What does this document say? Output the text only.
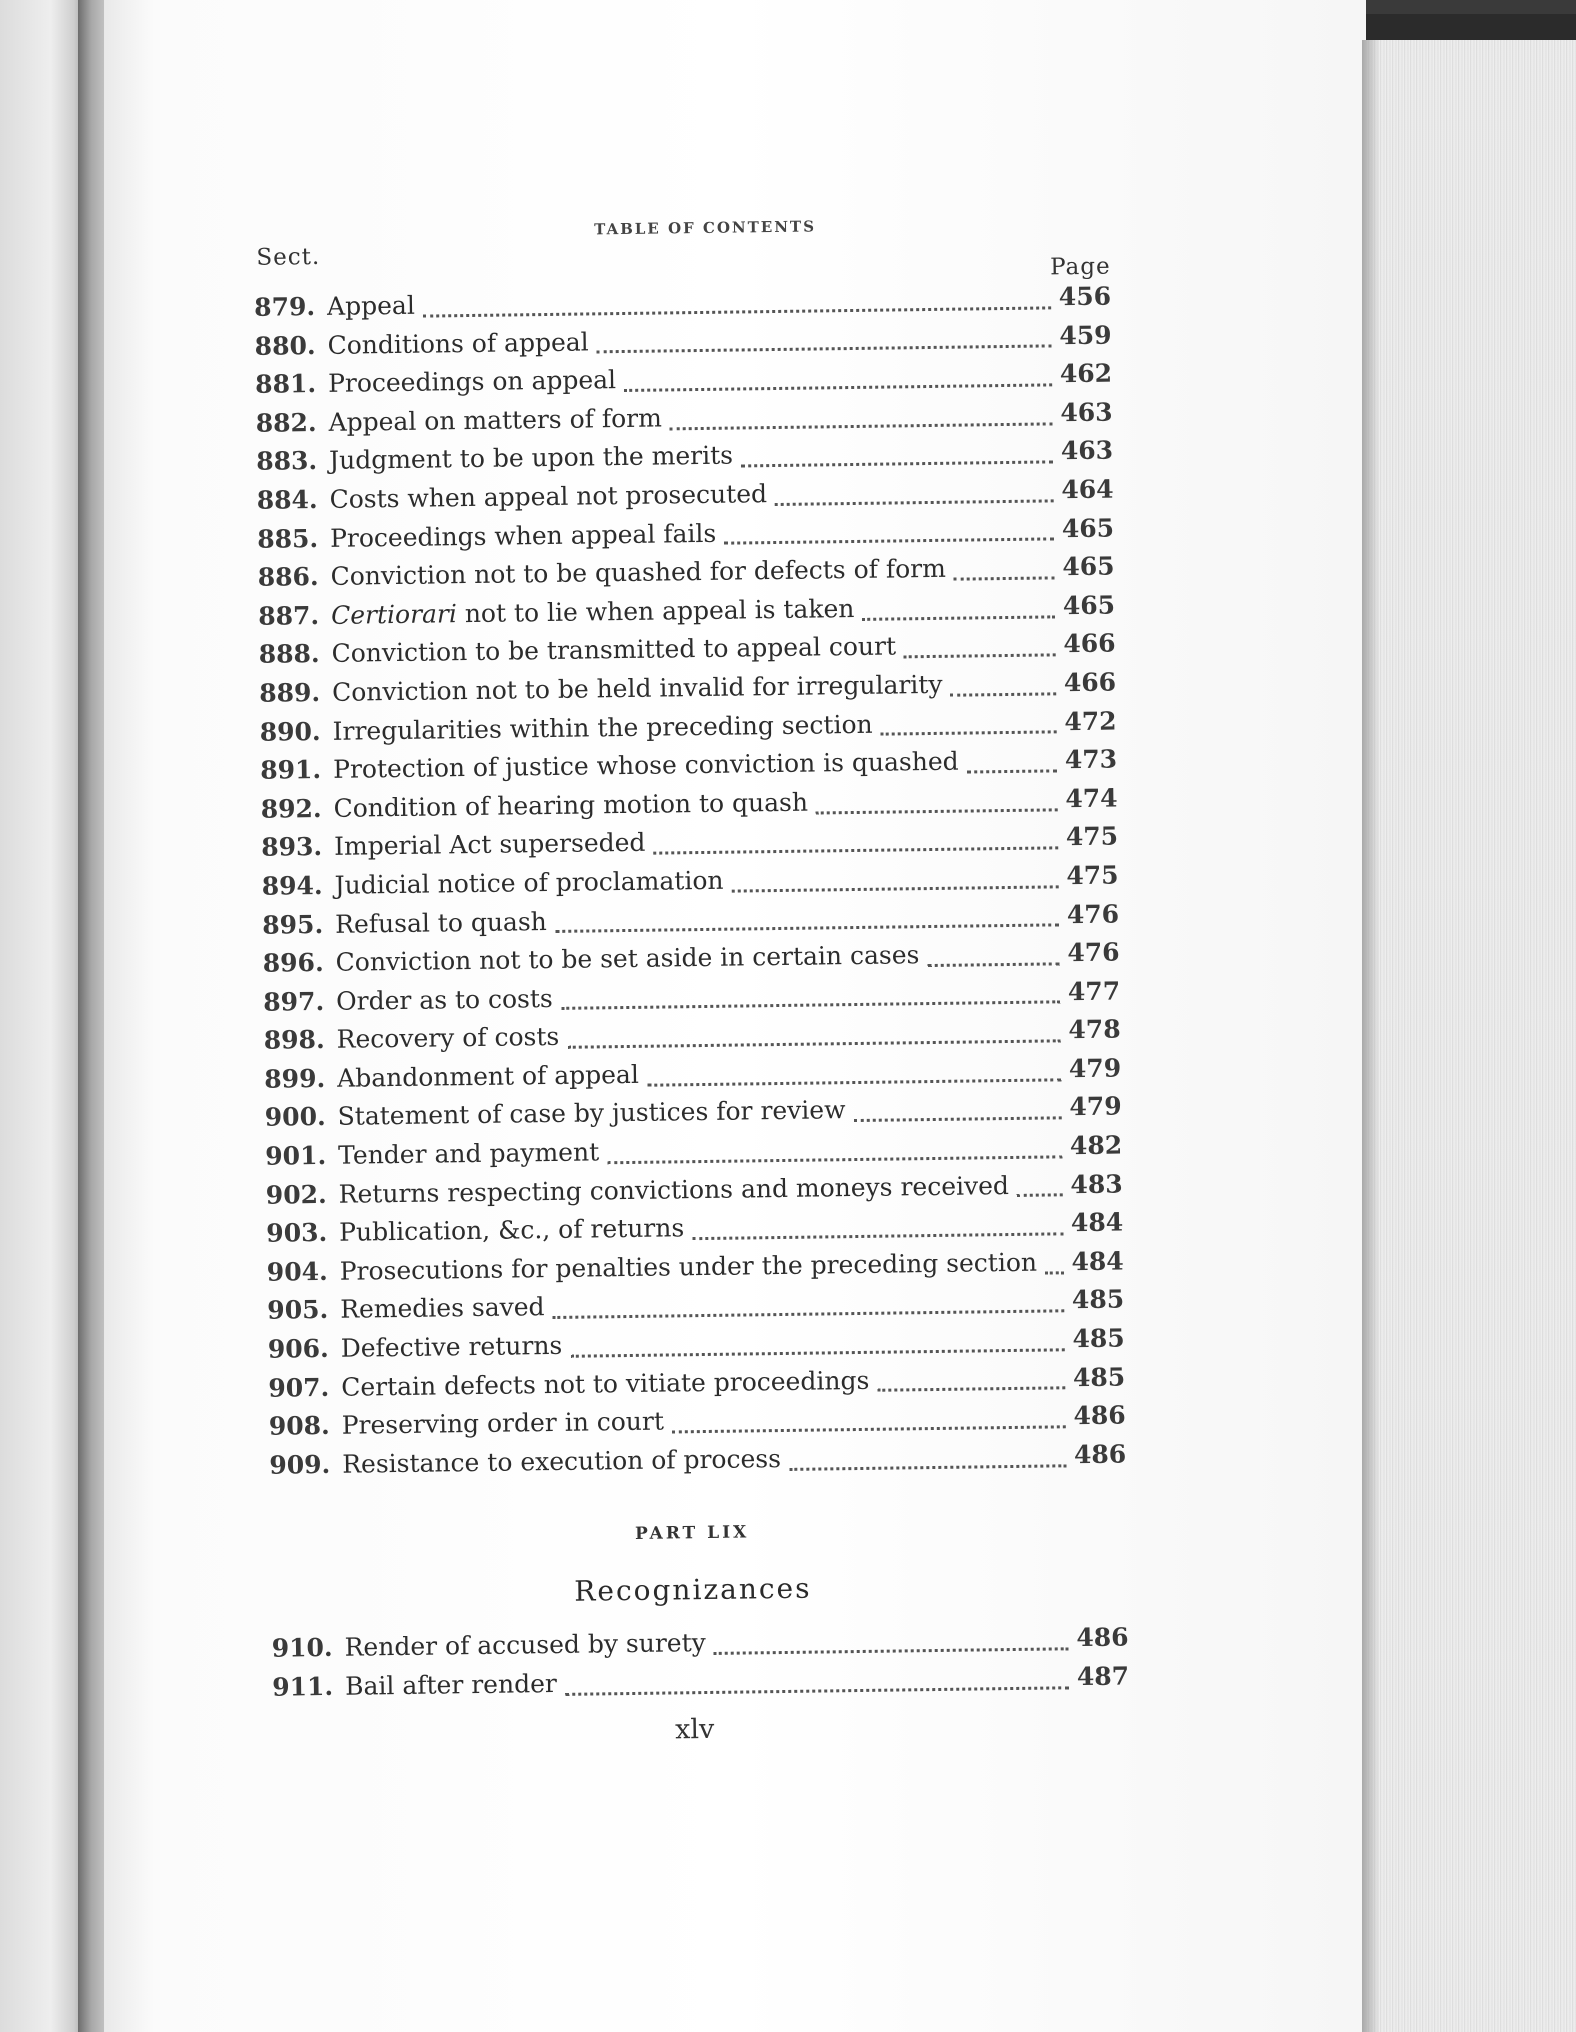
TABLE OF CONTENTS
Sect.	Page
879. Appeal	456
880. Conditions of appeal	459
881. Proceedings on appeal	462
882. Appeal on matters of form	463
883. Judgment to be upon the merits	463
884. Costs when appeal not prosecuted	464
885. Proceedings when appeal fails	465
886. Conviction not to be quashed for defects of form	465
887. Certiorari not to lie when appeal is taken	465
888. Conviction to be transmitted to appeal court	466
889. Conviction not to be held invalid for irregularity	466
890. Irregularities within the preceding section	472
891. Protection of justice whose conviction is quashed	473
892. Condition of hearing motion to quash	474
893. Imperial Act superseded	475
894. Judicial notice of proclamation	475
895. Refusal to quash	476
896. Conviction not to be set aside in certain cases	476
897. Order as to costs	477
898. Recovery of costs	478
899. Abandonment of appeal	479
900. Statement of case by justices for review	479
901. Tender and payment	482
902. Returns respecting convictions and moneys received 483
903. Publication, &c., of returns	484
904. Prosecutions for penalties under the preceding section 484
905. Remedies saved	485
906. Defective returns	485
907. Certain defects not to vitiate proceedings	485
908. Preserving order in court	486
909. Resistance to execution of process	486
PART LIX
Recognizances
910. Render of accused by surety	486
911. Bail after render	487
xlv
